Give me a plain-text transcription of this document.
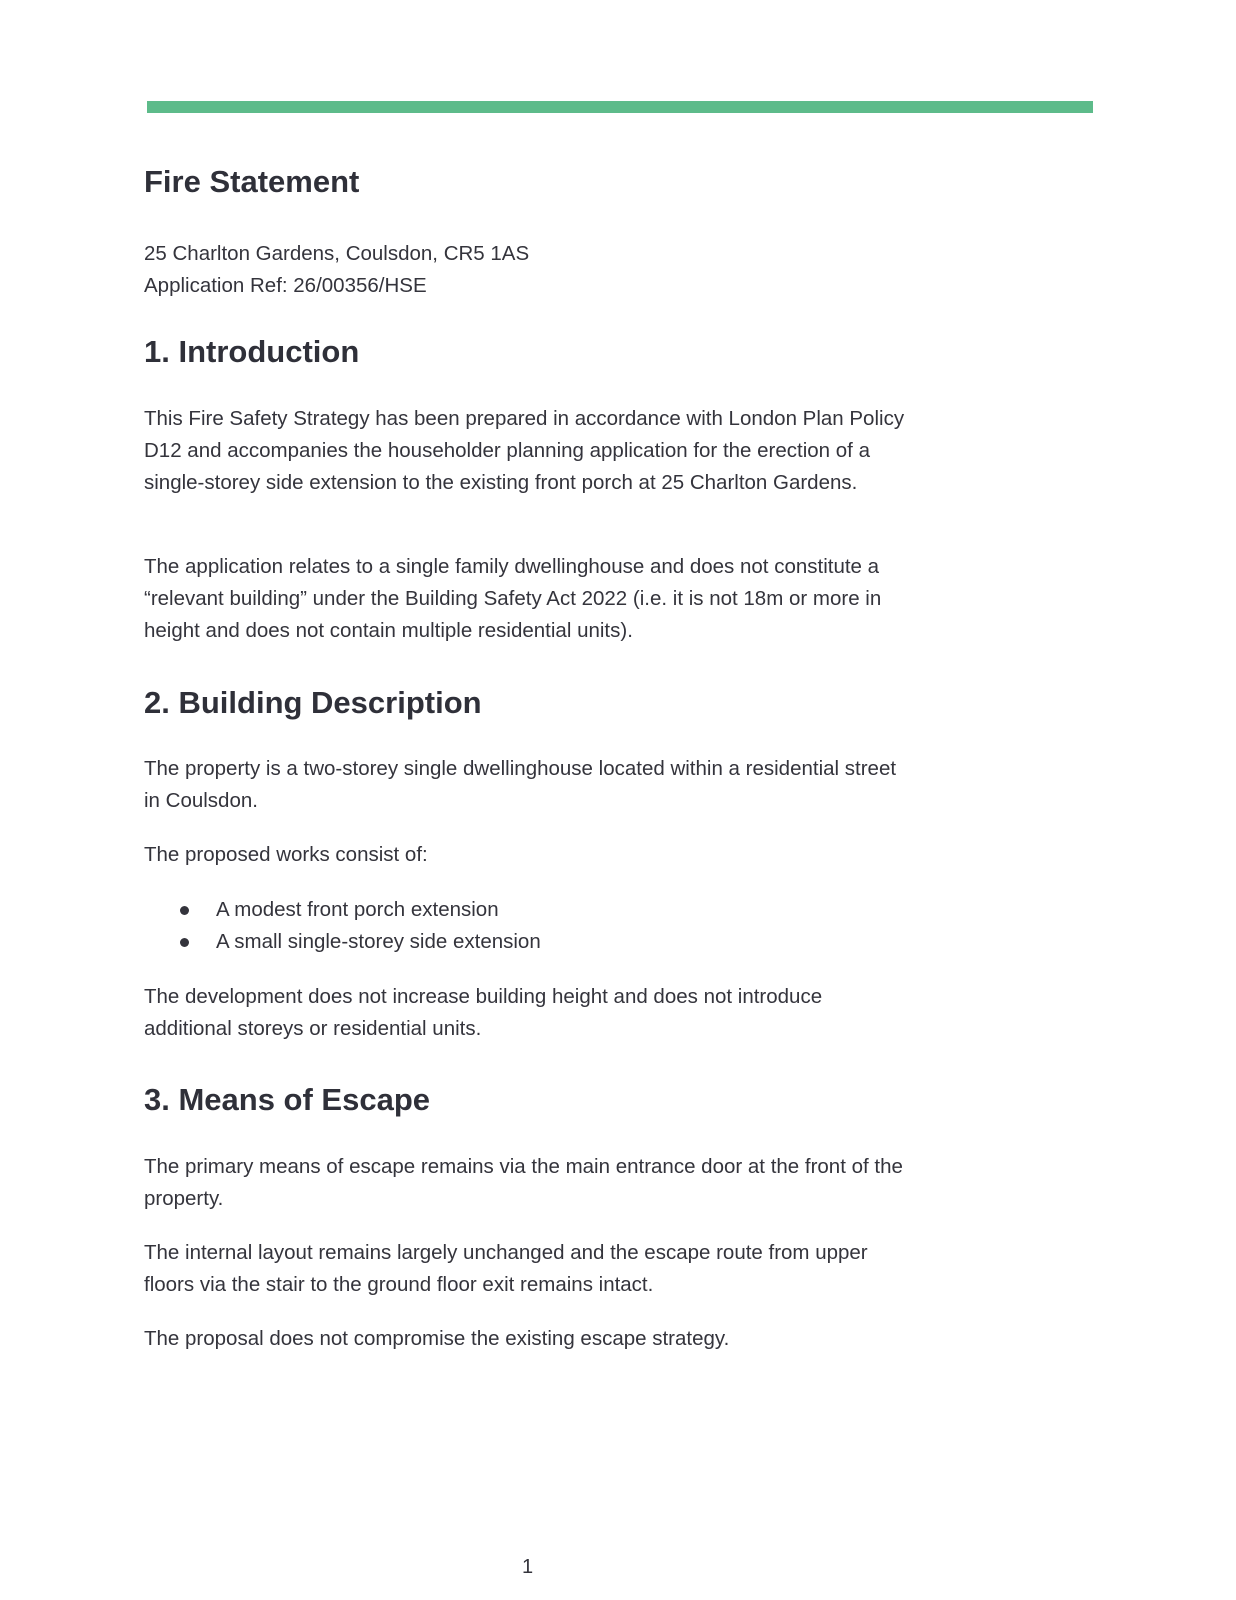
Fire Statement
25 Charlton Gardens, Coulsdon, CR5 1AS
Application Ref: 26/00356/HSE
1. Introduction

This Fire Safety Strategy has been prepared in accordance with London Plan Policy D12 and accompanies the householder planning application for the erection of a single-storey side extension to the existing front porch at 25 Charlton Gardens.

The application relates to a single family dwellinghouse and does not constitute a “relevant building” under the Building Safety Act 2022 (i.e. it is not 18m or more in height and does not contain multiple residential units).

2. Building Description

The property is a two-storey single dwellinghouse located within a residential street in Coulsdon.

The proposed works consist of:

A modest front porch extension
A small single-storey side extension

The development does not increase building height and does not introduce additional storeys or residential units.

3. Means of Escape

The primary means of escape remains via the main entrance door at the front of the property.

The internal layout remains largely unchanged and the escape route from upper floors via the stair to the ground floor exit remains intact.

The proposal does not compromise the existing escape strategy.

1
